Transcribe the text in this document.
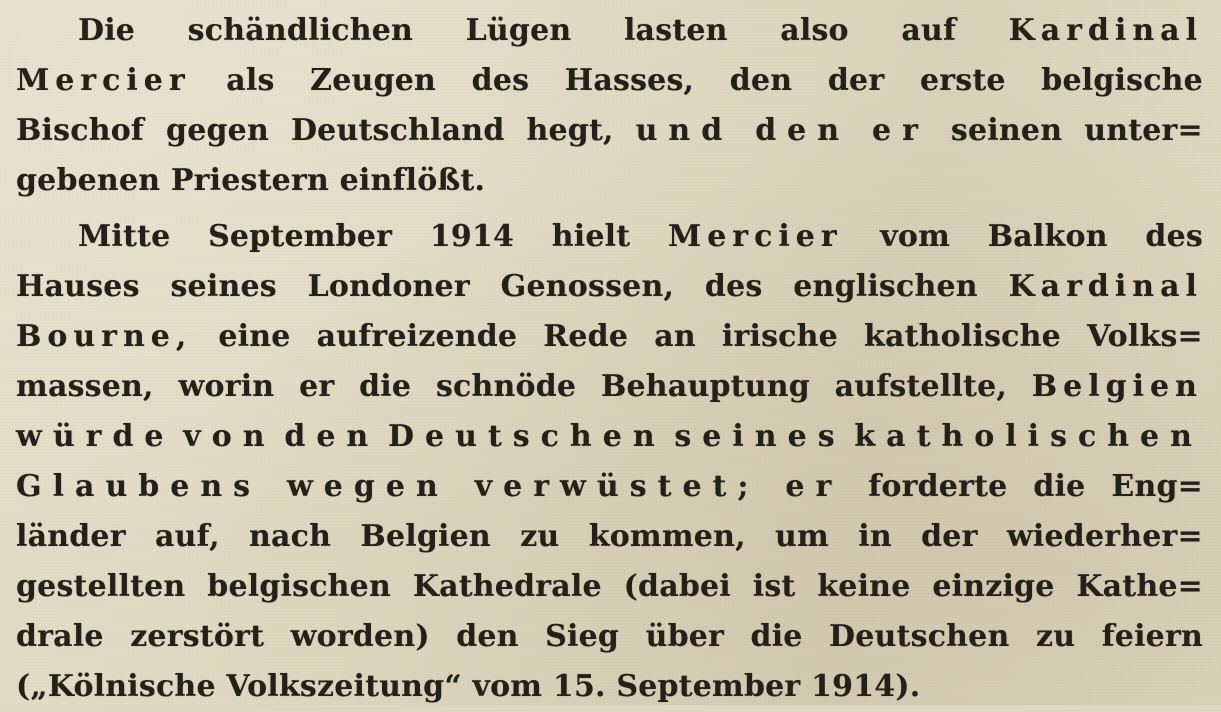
Die schändlichen Lügen lasten also auf Kardinal
Mercier als Zeugen des Hasses, den der erste belgische
Bischof gegen Deutschland hegt, und den er seinen unter=
gebenen Priestern einflößt.

Mitte September 1914 hielt Mercier vom Balkon des
Hauses seines Londoner Genossen, des englischen Kardinal
Bourne, eine aufreizende Rede an irische katholische Volks=
massen, worin er die schnöde Behauptung aufstellte, Belgien
würde von den Deutschen seines katholischen
Glaubens wegen verwüstet; er forderte die Eng=
länder auf, nach Belgien zu kommen, um in der wiederher=
gestellten belgischen Kathedrale (dabei ist keine einzige Kathe=
drale zerstört worden) den Sieg über die Deutschen zu feiern
(„Kölnische Volkszeitung“ vom 15. September 1914).
